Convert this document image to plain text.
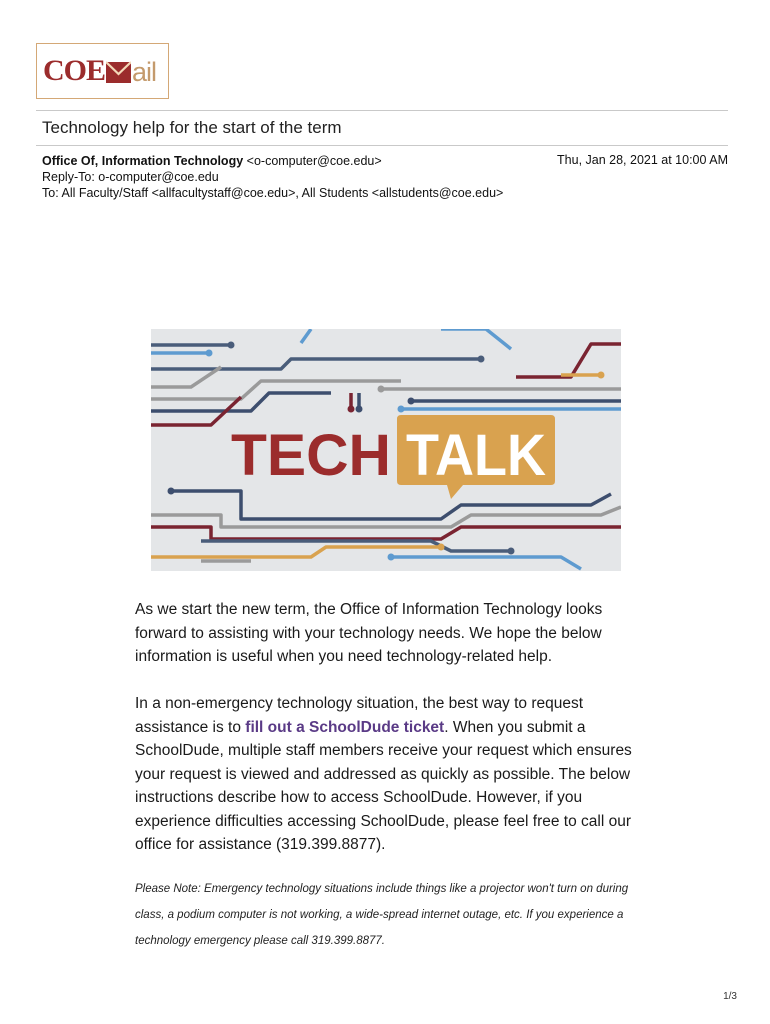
COE ail
Technology help for the start of the term
Office Of, Information Technology <o-computer@coe.edu>	Thu, Jan 28, 2021 at 10:00 AM
Reply-To: o-computer@coe.edu
To: All Faculty/Staff <allfacultystaff@coe.edu>, All Students <allstudents@coe.edu>
TECH TALK
As we start the new term, the Office of Information Technology looks forward to assisting with your technology needs. We hope the below information is useful when you need technology-related help.
In a non-emergency technology situation, the best way to request assistance is to fill out a SchoolDude ticket. When you submit a SchoolDude, multiple staff members receive your request which ensures your request is viewed and addressed as quickly as possible. The below instructions describe how to access SchoolDude. However, if you experience difficulties accessing SchoolDude, please feel free to call our office for assistance (319.399.8877).
Please Note: Emergency technology situations include things like a projector won't turn on during class, a podium computer is not working, a wide-spread internet outage, etc. If you experience a technology emergency please call 319.399.8877.
1/3
